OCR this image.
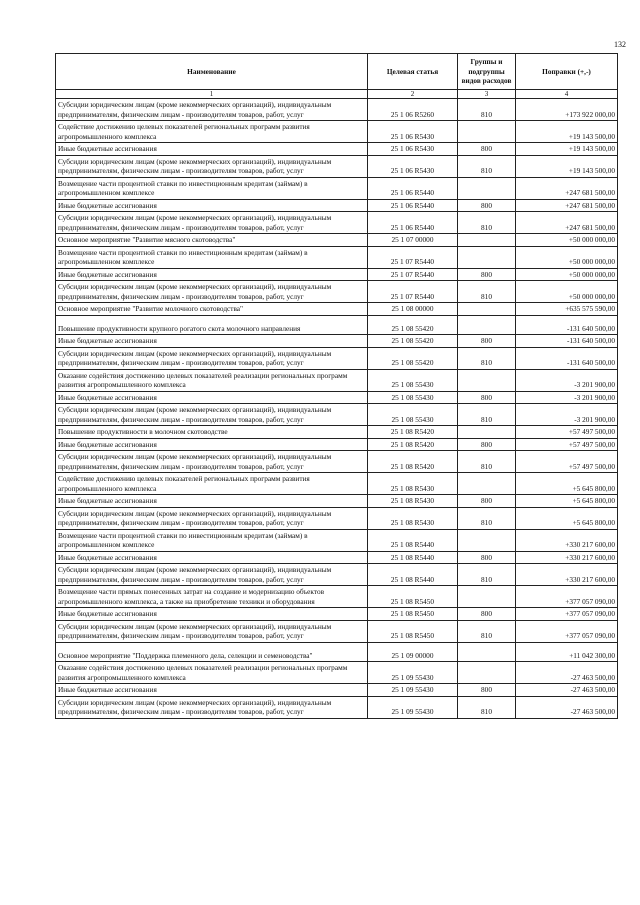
132
Наименование	Целевая статья	Группы и подгруппы видов расходов	Поправки (+,-)
1	2	3	4
Субсидии юридическим лицам (кроме некоммерческих организаций), индивидуальным предпринимателям, физическим лицам - производителям товаров, работ, услуг	25 1 06 R5260	810	+173 922 000,00
Содействие достижению целевых показателей региональных программ развития агропромышленного комплекса	25 1 06 R5430		+19 143 500,00
Иные бюджетные ассигнования	25 1 06 R5430	800	+19 143 500,00
Субсидии юридическим лицам (кроме некоммерческих организаций), индивидуальным предпринимателям, физическим лицам - производителям товаров, работ, услуг	25 1 06 R5430	810	+19 143 500,00
Возмещение части процентной ставки по инвестиционным кредитам (займам) в агропромышленном комплексе	25 1 06 R5440		+247 681 500,00
Иные бюджетные ассигнования	25 1 06 R5440	800	+247 681 500,00
Субсидии юридическим лицам (кроме некоммерческих организаций), индивидуальным предпринимателям, физическим лицам - производителям товаров, работ, услуг	25 1 06 R5440	810	+247 681 500,00
Основное мероприятие "Развитие мясного скотоводства"	25 1 07 00000		+50 000 000,00
Возмещение части процентной ставки по инвестиционным кредитам (займам) в агропромышленном комплексе	25 1 07 R5440		+50 000 000,00
Иные бюджетные ассигнования	25 1 07 R5440	800	+50 000 000,00
Субсидии юридическим лицам (кроме некоммерческих организаций), индивидуальным предпринимателям, физическим лицам - производителям товаров, работ, услуг	25 1 07 R5440	810	+50 000 000,00
Основное мероприятие "Развитие молочного скотоводства"	25 1 08 00000		+635 575 590,00
Повышение продуктивности крупного рогатого скота молочного направления	25 1 08 55420		-131 640 500,00
Иные бюджетные ассигнования	25 1 08 55420	800	-131 640 500,00
Субсидии юридическим лицам (кроме некоммерческих организаций), индивидуальным предпринимателям, физическим лицам - производителям товаров, работ, услуг	25 1 08 55420	810	-131 640 500,00
Оказание содействия достижению целевых показателей реализации региональных программ развития агропромышленного комплекса	25 1 08 55430		-3 201 900,00
Иные бюджетные ассигнования	25 1 08 55430	800	-3 201 900,00
Субсидии юридическим лицам (кроме некоммерческих организаций), индивидуальным предпринимателям, физическим лицам - производителям товаров, работ, услуг	25 1 08 55430	810	-3 201 900,00
Повышение продуктивности в молочном скотоводстве	25 1 08 R5420		+57 497 500,00
Иные бюджетные ассигнования	25 1 08 R5420	800	+57 497 500,00
Субсидии юридическим лицам (кроме некоммерческих организаций), индивидуальным предпринимателям, физическим лицам - производителям товаров, работ, услуг	25 1 08 R5420	810	+57 497 500,00
Содействие достижению целевых показателей региональных программ развития агропромышленного комплекса	25 1 08 R5430		+5 645 800,00
Иные бюджетные ассигнования	25 1 08 R5430	800	+5 645 800,00
Субсидии юридическим лицам (кроме некоммерческих организаций), индивидуальным предпринимателям, физическим лицам - производителям товаров, работ, услуг	25 1 08 R5430	810	+5 645 800,00
Возмещение части процентной ставки по инвестиционным кредитам (займам) в агропромышленном комплексе	25 1 08 R5440		+330 217 600,00
Иные бюджетные ассигнования	25 1 08 R5440	800	+330 217 600,00
Субсидии юридическим лицам (кроме некоммерческих организаций), индивидуальным предпринимателям, физическим лицам - производителям товаров, работ, услуг	25 1 08 R5440	810	+330 217 600,00
Возмещение части прямых понесенных затрат на создание и модернизацию объектов агропромышленного комплекса, а также на приобретение техники и оборудования	25 1 08 R5450		+377 057 090,00
Иные бюджетные ассигнования	25 1 08 R5450	800	+377 057 090,00
Субсидии юридическим лицам (кроме некоммерческих организаций), индивидуальным предпринимателям, физическим лицам - производителям товаров, работ, услуг	25 1 08 R5450	810	+377 057 090,00
Основное мероприятие "Поддержка племенного дела, селекции и семеноводства"	25 1 09 00000		+11 042 300,00
Оказание содействия достижению целевых показателей реализации региональных программ развития агропромышленного комплекса	25 1 09 55430		-27 463 500,00
Иные бюджетные ассигнования	25 1 09 55430	800	-27 463 500,00
Субсидии юридическим лицам (кроме некоммерческих организаций), индивидуальным предпринимателям, физическим лицам - производителям товаров, работ, услуг	25 1 09 55430	810	-27 463 500,00
